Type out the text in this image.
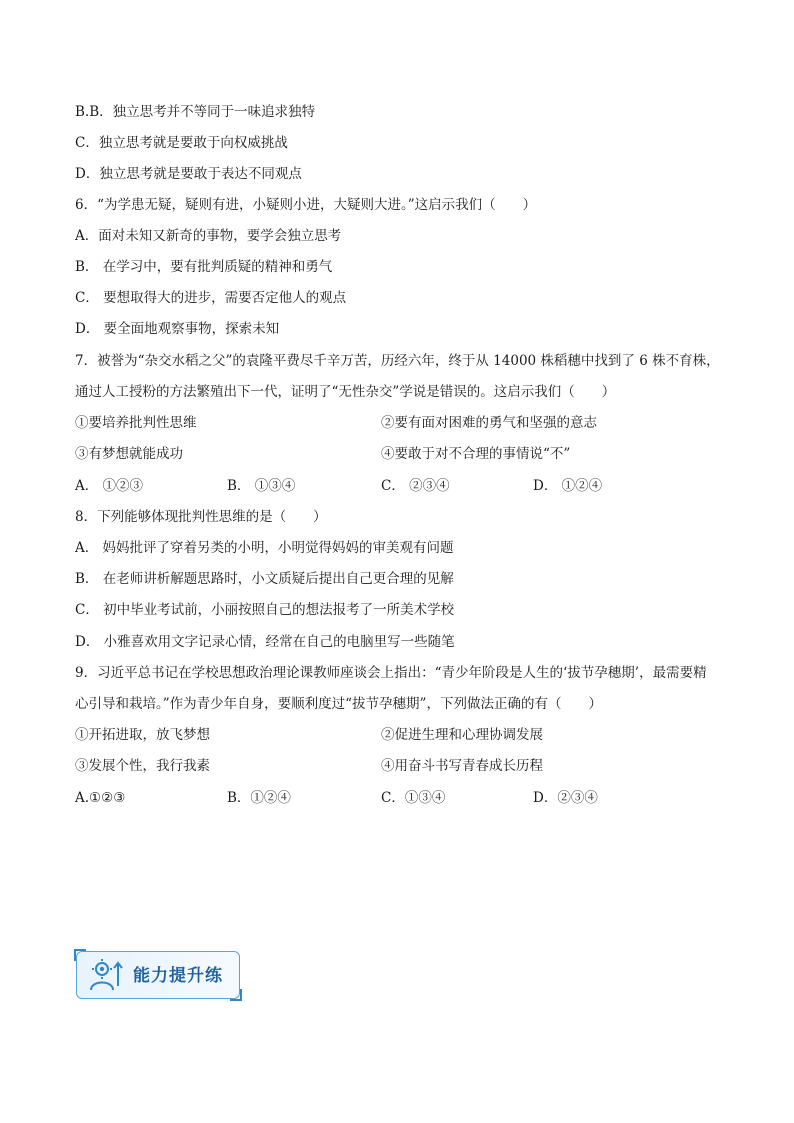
B.B．独立思考并不等同于一味追求独特
C．独立思考就是要敢于向权威挑战
D．独立思考就是要敢于表达不同观点
6．“为学患无疑，疑则有进，小疑则小进，大疑则大进。”这启示我们（　　）
A．面对未知又新奇的事物，要学会独立思考
B． 在学习中，要有批判质疑的精神和勇气
C． 要想取得大的进步，需要否定他人的观点
D． 要全面地观察事物，探索未知
7．被誉为“杂交水稻之父”的袁隆平费尽千辛万苦，历经六年，终于从 14000 株稻穗中找到了 6 株不育株，
通过人工授粉的方法繁殖出下一代，证明了“无性杂交”学说是错误的。这启示我们（　　）
①要培养批判性思维	②要有面对困难的勇气和坚强的意志
③有梦想就能成功	④要敢于对不合理的事情说“不”
A． ①②③	B． ①③④	C． ②③④	D． ①②④
8．下列能够体现批判性思维的是（　　）
A． 妈妈批评了穿着另类的小明，小明觉得妈妈的审美观有问题
B． 在老师讲析解题思路时，小文质疑后提出自己更合理的见解
C． 初中毕业考试前，小丽按照自己的想法报考了一所美术学校
D． 小雅喜欢用文字记录心情，经常在自己的电脑里写一些随笔
9．习近平总书记在学校思想政治理论课教师座谈会上指出：“青少年阶段是人生的‘拔节孕穗期’，最需要精
心引导和栽培。”作为青少年自身，要顺利度过“拔节孕穗期”，下列做法正确的有（　　）
①开拓进取，放飞梦想	②促进生理和心理协调发展
③发展个性，我行我素	④用奋斗书写青春成长历程
A.①②③	B．①②④	C．①③④	D．②③④
能力提升练
